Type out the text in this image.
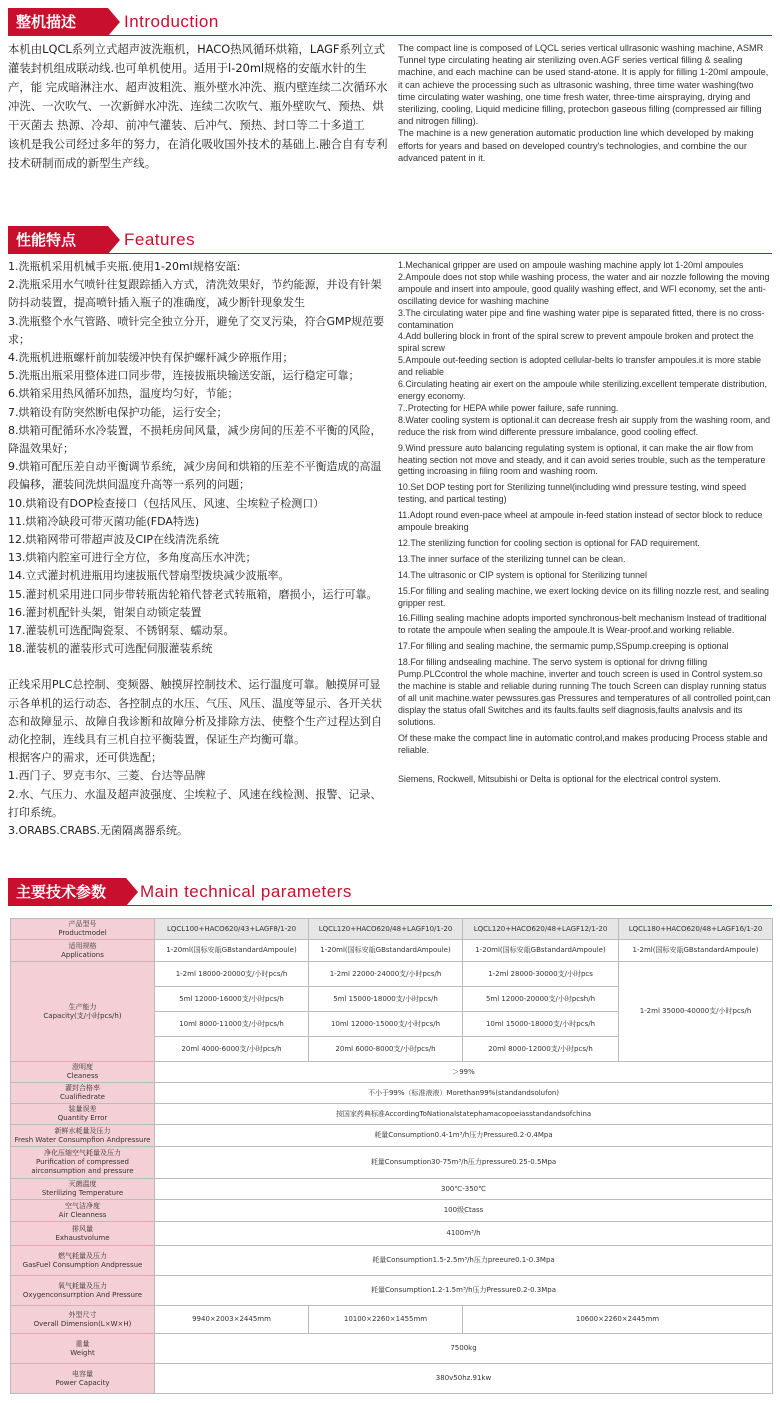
整机描述	Introduction

本机由LQCL系列立式超声波洗瓶机，HACO热风循环烘箱，LAGF系列立式灌装封机组成联动线.也可单机使用。适用于l-20ml规格的安瓿水针的生产，能 完成暗淋注水、超声波粗洗、瓶外壁水冲洗、瓶内壁连续二次循环水冲洗、一次吹气、一次新鲜水冲洗、连续二次吹气、瓶外壁吹气、预热、烘干灭菌去 热源、冷却、前冲气灌装、后冲气、预热、封口等二十多道工

该机是我公司经过多年的努力，在消化吸收国外技术的基础上.融合自有专利技术研制而成的新型生产线。

The compact line is composed of LQCL series vertical ullrasonic washing machine, ASMR Tunnel type circulating heating air sterilizing oven.AGF series vertical filling & sealing machine, and each machine can be used stand-atone. It is apply for filling 1-20ml ampoule, it can achieve the processing such as ultrasonic washing, three time water washing(two time circulating water washing, one time fresh water, three-time airspraying, drying and sterilizing, cooling, Liquid medicine filling, protecbon gaseous filling (compressed air filling and nitrogen filling).

The machine is a new generation automatic production line which developed by making efforts for years and based on developed country's technologies, and combine the our advanced patent in it.

性能特点	Features

1.洗瓶机采用机械手夹瓶.使用1-20ml规格安瓿:

2.洗瓶采用水气喷针往复跟踪插入方式，清洗效果好，节约能源，并设有针架防抖动装置，提高喷针插入瓶子的准确度，减少断针现象发生

3.洗瓶整个水气管路、喷针完全独立分开，避免了交叉污染，符合GMP规范要求；

4.洗瓶机进瓶螺杆前加装缓冲快有保护螺杆减少碎瓶作用；

5.洗瓶出瓶采用整体进口同步带，连接拔瓶块输送安瓿，运行稳定可靠；

6.烘箱采用热风循环加热，温度均匀好，节能；

7.烘箱设有防突然断电保护功能，运行安全；

8.烘箱可配循环水冷装置，不损耗房间风量，减少房间的压差不平衡的风险，降温效果好；

9.烘箱可配压差自动平衡调节系统，减少房间和烘箱的压差不平衡造成的高温段偏移，灌装间洗烘间温度升高等一系列的问题；

10.烘箱设有DOP检查接口（包括风压、风速、尘埃粒子检测口）

11.烘箱冷缺段可带灭菌功能(FDA特选)

12.烘箱网带可带超声波及CIP在线清洗系统

13.烘箱内腔室可进行全方位，多角度高压水冲洗；

14.立式灌封机进瓶用均速拔瓶代替扇型拨块减少波瓶率。

15.灌封机采用进口同步带转瓶齿轮箱代替老式转瓶箱，磨损小，运行可靠。

16.灌封机配针头架，钳架自动锁定装置

17.灌装机可选配陶瓷泵、不锈钢泵、蠕动泵。

18.灌装机的灌装形式可选配伺服灌装系统

正线采用PLC总控制、变频器、触摸屏控制技术、运行温度可靠。触摸屏可显示各单机的运行动态、各控制点的水压、气压、风压、温度等显示、各开关状态和故障显示、故障自我诊断和故障分析及排除方法、使整个生产过程达到自动化控制，连线具有三机自拉平衡装置，保证生产均衡可靠。

根据客户的需求，还可供选配；

1.西门子、罗克韦尔、三菱、台达等品牌

2.水、气压力、水温及超声波强度、尘埃粒子、风速在线检测、报警、记录、打印系统。

3.ORABS.CRABS.无菌隔离器系统。

1.Mechanical gripper are used on ampoule washing machine apply lot 1-20ml ampoules

2.Ampoule does not stop while washing process, the water and air nozzle following the moving ampoule and insert into ampoule, good qualily washing effect, and WFI economy, set the anti-oscillating device for washing machine

3.The circulating water pipe and fine washing water pipe is separated fitted, there is no cross-contamination

4.Add bullering block in front of the spiral screw to prevent ampoule broken and protect the spiral screw

5.Ampoule out-feeding section is adopted cellular-belts lo transfer ampoules.it is more stable and reliable

6.Circulating heating air exert on the ampoule while sterilizing.excellent temperate distribution, energy economy.

7..Protecting for HEPA while power failure, safe running.

8.Water cooling system is optional.it can decrease fresh air supply from the washing room, and reduce the risk from wind differente pressure imbalance, good cooling effecf.

9.Wind pressure auto balancing regulating system is optional, it can make the air flow from heating section not move and steady, and it can avoid series trouble, such as the temperature getting incroasing in filing room and washing room.

10.Set DOP testing port for Sterilizing tunnel(including wind pressure testing, wind speed testing, and partical testing)

11.Adopt round even-pace wheel at ampoule in-feed station instead of sector block to reduce ampoule breaking

12.The sterilizing function for cooling section is optional for FAD requirement.

13.The inner surface of the sterilizing tunnel can be clean.

14.The ultrasonic or CIP system is optional for Sterilizing tunnel

15.For filling and sealing machine, we exert locking device on its filling nozzle rest, and sealing gripper rest.

16.Filling sealing machine adopts imported synchronous-belt mechanism Instead of traditional to rotate the ampoule when sealing the ampoule.It is Wear-proof.and working reliable.

17.For filling and sealing machine, the sermamic pump,SSpump.creeping is optional

18.For filling andsealing machine. The servo system is optional for drivng filling Pump.PLCcontrol the whole machine, inverter and touch screen is used in Control system.so the machine is stable and reliable during running The touch Screen can display running status of all unit machine.water pewssures.gas Pressures and temperatures of all controlled point,can display the status ofall Switches and its faults.faults self diagnosis,faults analvsis and its solutions.

Of these make the compact line in automatic control,and makes producing Process stable and reliable.

Siemens, Rockwell, Mitsubishi or Delta is optional for the electrical control system.

主要技术参数	Main technical parameters
产品型号
Productmodel	LQCL100+HACO620/43+LAGF8/1-20	LQCL120+HACO620/48+LAGF10/1-20	LQCL120+HACO620/48+LAGF12/1-20	LQCL180+HACO620/48+LAGF16/1-20
适用规格
Applications	1-20ml(国标安瓿GBstandardAmpoule)	1-20ml(国标安瓿GBstandardAmpoule)	1-20ml(国标安瓿GBstandardAmpoule)	1-2ml(国标安瓿GBstandardAmpoule)
生产能力
Capacity(支/小时pcs/h)	1-2ml 18000-20000支/小时pcs/h	1-2ml 22000-24000支/小时pcs/h	1-2ml 28000-30000支/小时pcs	1-2ml 35000-40000支/小时pcs/h
	5ml 12000-16000支/小时pcs/h	5ml 15000-18000支/小时pcs/h	5ml 12000-20000支/小时pcsh/h	
	10ml 8000-11000支/小时pcs/h	10ml 12000-15000支/小时pcs/h	10ml 15000-18000支/小时pcs/h	
	20ml 4000-6000支/小时pcs/h	20ml 6000-8000支/小时pcs/h	20ml 8000-12000支/小时pcs/h	
澄明度
Cleaness	＞99%			
灌封合格率
Cualifiedrate	不小于99%（标准液液）Morethan99%(standandsolufon)			
装量误差
Quantity Error	按国家药典标准AccordingToNationalstatephamacopoeiasstandandsofchina			
新鲜水耗量及压力
Fresh Water Consumpfion Andpressure	耗量Consumption0.4-1m³/h压力Pressure0.2-0.4Mpa			
净化压缩空气耗量及压力
Purification of compressed
airconsumption and pressure	耗量Consumption30-75m³/h压力pressure0.25-0.5Mpa			
灭菌温度
Sterilizing Temperature	300℃-350℃			
空气洁净度
Air Cleanness	100级Ctass			
排风量
Exhaustvolume	4100m³/h			
燃气耗量及压力
GasFuel Consumption Andpressue	耗量Consumption1.5-2.5m³/h压力preeure0.1-0.3Mpa			
氧气耗量及压力
Oxygenconsurrption And Pressure	耗量Consumption1.2-1.5m³/h压力Pressure0.2-0.3Mpa			
外型尺寸
Overall Dimension(L×W×H)	9940×2003×2445mm	10100×2260×1455mm	10600×2260×2445mm	
重量
Weight	7500kg			
电容量
Power Capacity	380v50hz.91kw			
